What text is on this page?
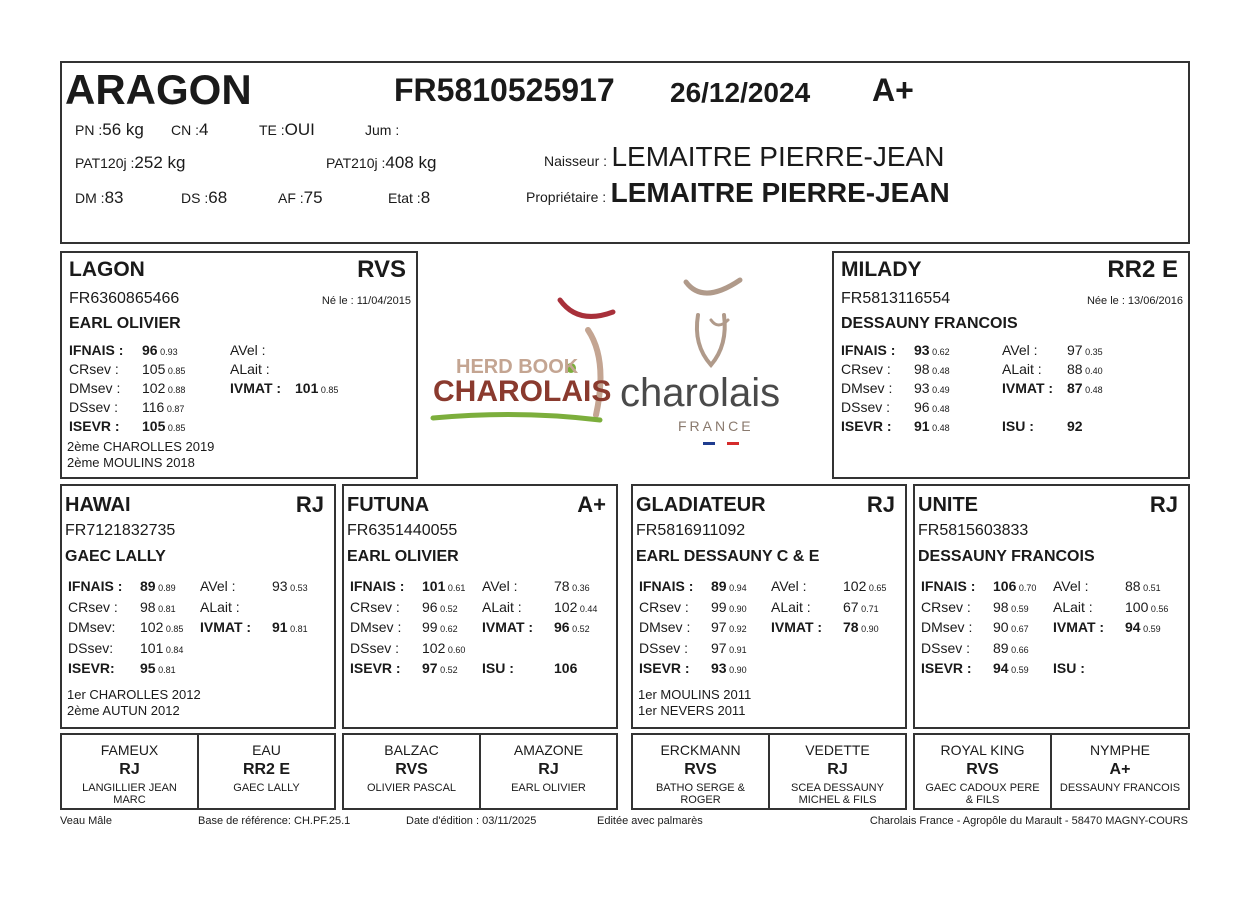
ARAGON	FR5810525917 26/12/2024 A+
PN :56 kg CN :4	TE :OUI	Jum :
PAT120j :252 kg	PAT210j :408 kg
DM :83	DS :68	AF :75	Etat :8
Naisseur : LEMAITRE PIERRE-JEAN
Propriétaire : LEMAITRE PIERRE-JEAN
LAGON	RVS
FR6360865466	Né le : 11/04/2015
EARL OLIVIER
2ème CHAROLLES 2019
2ème MOULINS 2018
IFNAIS : 96 0.93	AVel :
CRsev : 105 0.85	ALait :
DMsev : 102 0.88	IVMAT : 101 0.85
DSsev : 116 0.87
ISEVR : 105 0.85
MILADY	RR2 E
FR5813116554	Née le : 13/06/2016
DESSAUNY FRANCOIS
IFNAIS : 93 0.62	AVel : 97 0.35
CRsev : 98 0.48	ALait : 88 0.40
DMsev : 93 0.49	IVMAT : 87 0.48
DSsev : 96 0.48
ISEVR : 91 0.48	ISU : 92
HERD BOOK
CHAROLAIS charolais
FRANCE
HAWAI	RJ
FR7121832735
GAEC LALLY
1er CHAROLLES 2012
2ème AUTUN 2012
IFNAIS : 89 0.89 AVel :	93 0.53
CRsev : 98 0.81 ALait :
DMsev: 102 0.85 IVMAT : 91 0.81
DSsev: 101 0.84
ISEVR: 95 0.81
FUTUNA	A+
FR6351440055
EARL OLIVIER
IFNAIS : 101 0.61 AVel :	78 0.36
CRsev : 96 0.52 ALait : 102 0.44
DMsev : 99 0.62 IVMAT : 96 0.52
DSsev : 102 0.60
ISEVR : 97 0.52 ISU :	106
GLADIATEUR	RJ
FR5816911092
EARL DESSAUNY C & E
1er MOULINS 2011
1er NEVERS 2011
IFNAIS : 89 0.94 AVel :	102 0.65
CRsev : 99 0.90 ALait : 67 0.71
DMsev : 97 0.92 IVMAT : 78 0.90
DSsev : 97 0.91
ISEVR : 93 0.90
UNITE	RJ
FR5815603833
DESSAUNY FRANCOIS
IFNAIS : 106 0.70 AVel :	88 0.51
CRsev : 98 0.59 ALait : 100 0.56
DMsev : 90 0.67 IVMAT : 94 0.59
DSsev : 89 0.66
ISEVR : 94 0.59 ISU :
FAMEUX
RJ
LANGILLIER JEAN MARC
EAU
RR2 E
GAEC LALLY
BALZAC
RVS
OLIVIER PASCAL
AMAZONE
RJ
EARL OLIVIER
ERCKMANN
RVS
BATHO SERGE & ROGER
VEDETTE
RJ
SCEA DESSAUNY MICHEL & FILS
ROYAL KING
RVS
GAEC CADOUX PERE & FILS
NYMPHE
A+
DESSAUNY FRANCOIS
Veau Mâle	Base de référence: CH.PF.25.1	Date d'édition : 03/11/2025	Editée avec palmarès	Charolais France - Agropôle du Marault - 58470 MAGNY-COURS
